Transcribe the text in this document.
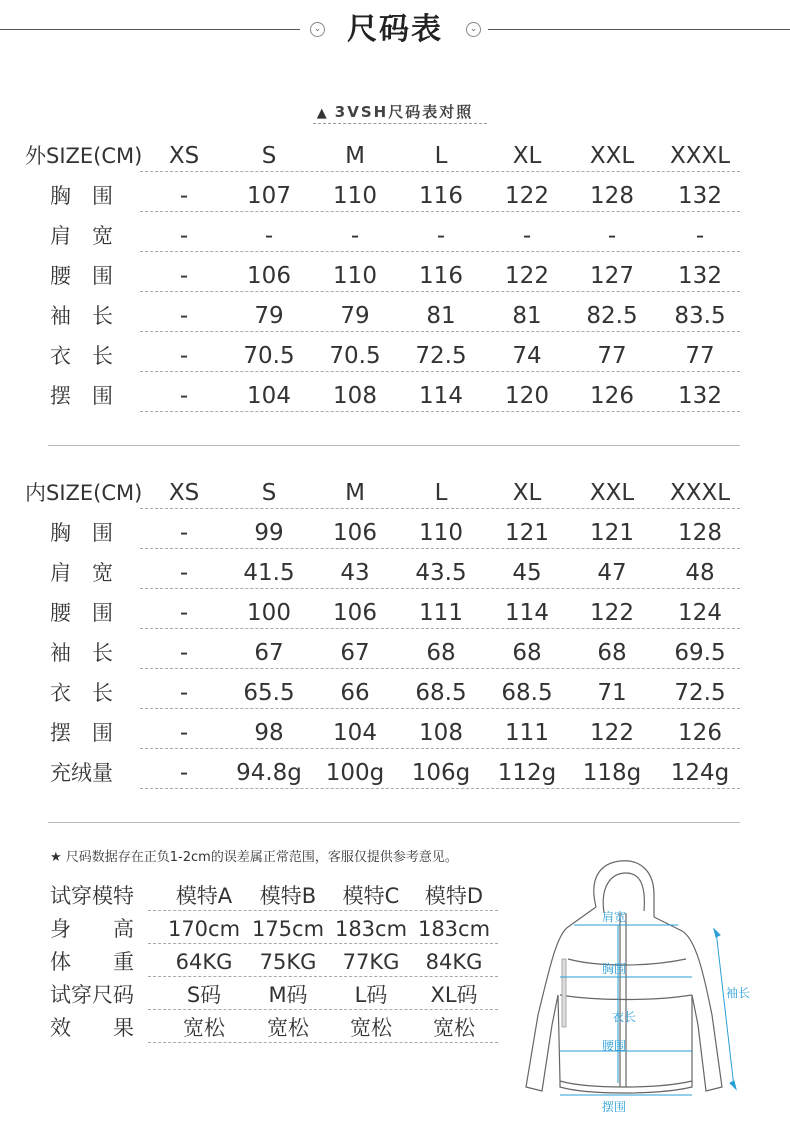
⌄ 尺码表	⌄
▲ 3VSH尺码表对照
外SIZE(CM)	XS	S	M	L	XL	XXL	XXXL
胸　围	-	107	110	116	122	128	132
肩　宽	-	-	-	-	-	-	-
腰　围	-	106	110	116	122	127	132
袖　长	-	79	79	81	81	82.5	83.5
衣　长	-	70.5	70.5	72.5	74	77	77
摆　围	-	104	108	114	120	126	132
内SIZE(CM)	XS	S	M	L	XL	XXL	XXXL
胸　围	-	99	106	110	121	121	128
肩　宽	-	41.5	43	43.5	45	47	48
腰　围	-	100	106	111	114	122	124
袖　长	-	67	67	68	68	68	69.5
衣　长	-	65.5	66	68.5	68.5	71	72.5
摆　围	-	98	104	108	111	122	126
充绒量	-	94.8g	100g	106g	112g	118g	124g
★ 尺码数据存在正负1-2cm的误差属正常范围，客服仅提供参考意见。
试穿模特	模特A	模特B	模特C	模特D
身　　高 170cm 175cm 183cm 183cm
体　　重	64KG	75KG	77KG	84KG
试穿尺码	S码	M码	L码	XL码
效　　果	宽松	宽松	宽松	宽松
肩宽
胸围
衣长
腰围
摆围
袖长
